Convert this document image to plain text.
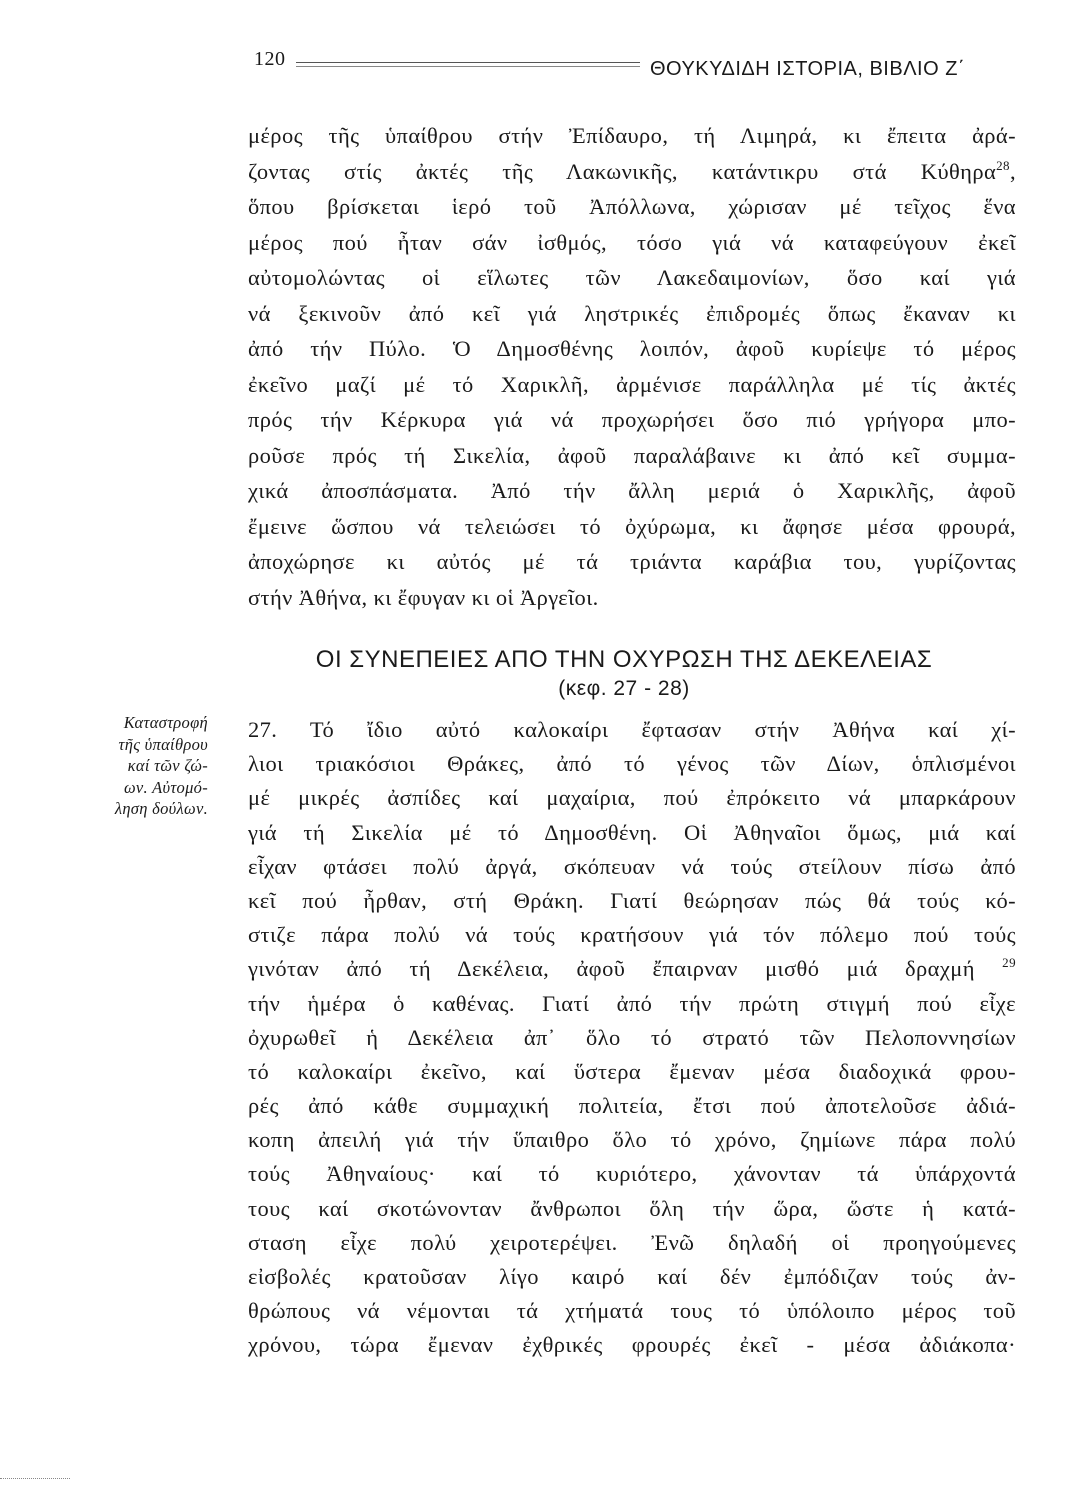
120	ΘΟΥΚΥΔΙΔΗ ΙΣΤΟΡΙΑ, ΒΙΒΛΙΟ Ζ΄
μέρος τῆς ὑπαίθρου στήν Ἐπίδαυρο, τή Λιμηρά, κι ἔπειτα ἀρά-
ζοντας στίς ἀκτές τῆς Λακωνικῆς, κατάντικρυ στά Κύθηρα$^{28}$,
ὅπου βρίσκεται ἱερό τοῦ Ἀπόλλωνα, χώρισαν μέ τεῖχος ἕνα
μέρος πού ἦταν σάν ἰσθμός, τόσο γιά νά καταφεύγουν ἐκεῖ
αὐτομολώντας οἱ εἵλωτες τῶν Λακεδαιμονίων, ὅσο καί γιά
νά ξεκινοῦν ἀπό κεῖ γιά ληστρικές ἐπιδρομές ὅπως ἔκαναν κι
ἀπό τήν Πύλο. Ὁ Δημοσθένης λοιπόν, ἀφοῦ κυρίεψε τό μέρος
ἐκεῖνο μαζί μέ τό Χαρικλῆ, ἀρμένισε παράλληλα μέ τίς ἀκτές
πρός τήν Κέρκυρα γιά νά προχωρήσει ὅσο πιό γρήγορα μπο-
ροῦσε πρός τή Σικελία, ἀφοῦ παραλάβαινε κι ἀπό κεῖ συμμα-
χικά ἀποσπάσματα. Ἀπό τήν ἄλλη μεριά ὁ Χαρικλῆς, ἀφοῦ
ἔμεινε ὥσπου νά τελειώσει τό ὀχύρωμα, κι ἄφησε μέσα φρουρά,
ἀποχώρησε κι αὐτός μέ τά τριάντα καράβια του, γυρίζοντας
στήν Ἀθήνα, κι ἔφυγαν κι οἱ Ἀργεῖοι.
ΟΙ ΣΥΝΕΠΕΙΕΣ ΑΠΟ ΤΗΝ ΟΧΥΡΩΣΗ ΤΗΣ ΔΕΚΕΛΕΙΑΣ
(κεφ. 27 - 28)
Καταστροφή
τῆς ὑπαίθρου
καί τῶν ζώ-
ων. Αὐτομό-
ληση δούλων.
27. Τό ἴδιο αὐτό καλοκαίρι ἔφτασαν στήν Ἀθήνα καί χί-
λιοι τριακόσιοι Θράκες, ἀπό τό γένος τῶν Δίων, ὁπλισμένοι
μέ μικρές ἀσπίδες καί μαχαίρια, πού ἐπρόκειτο νά μπαρκάρουν
γιά τή Σικελία μέ τό Δημοσθένη. Οἱ Ἀθηναῖοι ὅμως, μιά καί
εἶχαν φτάσει πολύ ἀργά, σκόπευαν νά τούς στείλουν πίσω ἀπό
κεῖ πού ἦρθαν, στή Θράκη. Γιατί θεώρησαν πώς θά τούς κό-
στιζε πάρα πολύ νά τούς κρατήσουν γιά τόν πόλεμο πού τούς
γινόταν ἀπό τή Δεκέλεια, ἀφοῦ ἔπαιρναν μισθό μιά δραχμή $^{29}$
τήν ἡμέρα ὁ καθένας. Γιατί ἀπό τήν πρώτη στιγμή πού εἶχε
ὀχυρωθεῖ ἡ Δεκέλεια ἀπ᾿ ὅλο τό στρατό τῶν Πελοποννησίων
τό καλοκαίρι ἐκεῖνο, καί ὕστερα ἔμεναν μέσα διαδοχικά φρου-
ρές ἀπό κάθε συμμαχική πολιτεία, ἔτσι πού ἀποτελοῦσε ἀδιά-
κοπη ἀπειλή γιά τήν ὕπαιθρο ὅλο τό χρόνο, ζημίωνε πάρα πολύ
τούς Ἀθηναίους· καί τό κυριότερο, χάνονταν τά ὑπάρχοντά
τους καί σκοτώνονταν ἄνθρωποι ὅλη τήν ὥρα, ὥστε ἡ κατά-
σταση εἶχε πολύ χειροτερέψει. Ἐνῶ δηλαδή οἱ προηγούμενες
εἰσβολές κρατοῦσαν λίγο καιρό καί δέν ἐμπόδιζαν τούς ἀν-
θρώπους νά νέμονται τά χτήματά τους τό ὑπόλοιπο μέρος τοῦ
χρόνου, τώρα ἔμεναν ἐχθρικές φρουρές ἐκεῖ - μέσα ἀδιάκοπα·
